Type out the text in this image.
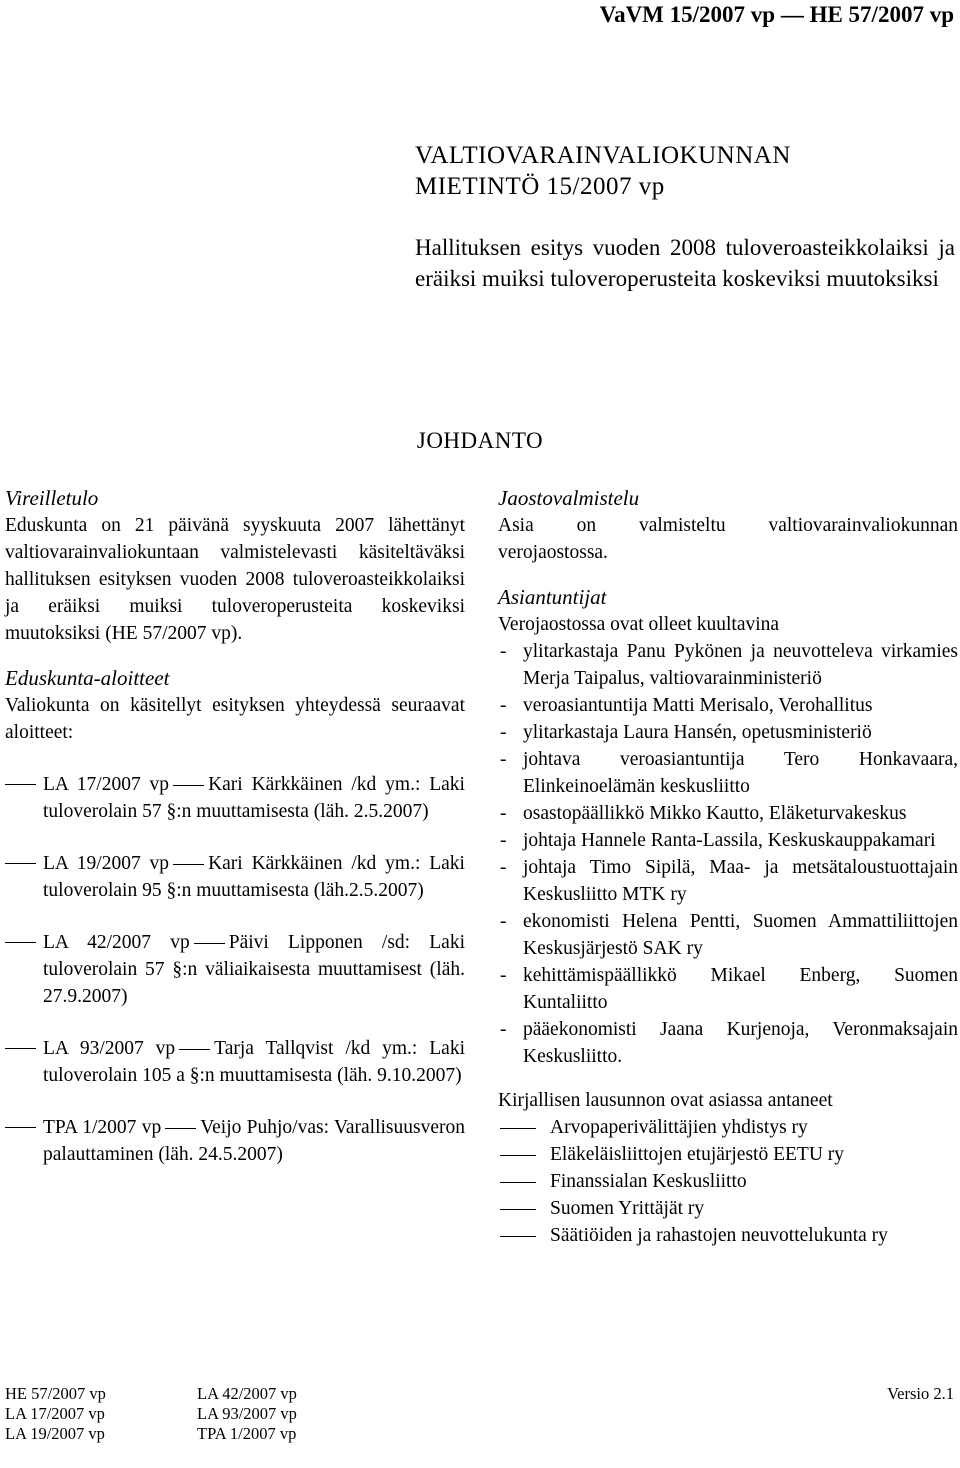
VaVM 15/2007 vp — HE 57/2007 vp
VALTIOVARAINVALIOKUNNAN
MIETINTÖ 15/2007 vp
Hallituksen esitys vuoden 2008 tuloveroasteikkolaiksi ja eräiksi muiksi tuloveroperusteita koskeviksi muutoksiksi
JOHDANTO
Vireilletulo
Eduskunta on 21 päivänä syyskuuta 2007 lähettänyt valtiovarainvaliokuntaan valmistelevasti käsiteltäväksi hallituksen esityksen vuoden 2008 tuloveroasteikkolaiksi ja eräiksi muiksi tuloveroperusteita koskeviksi muutoksiksi (HE 57/2007 vp).
Eduskunta-aloitteet
Valiokunta on käsitellyt esityksen yhteydessä seuraavat aloitteet:
LA 17/2007 vp Kari Kärkkäinen /kd ym.: Laki tuloverolain 57 §:n muuttamisesta (läh. 2.5.2007)
LA 19/2007 vp Kari Kärkkäinen /kd ym.: Laki tuloverolain 95 §:n muuttamisesta (läh.2.5.2007)
LA 42/2007 vp Päivi Lipponen /sd: Laki tuloverolain 57 §:n väliaikaisesta muuttamisest (läh. 27.9.2007)
LA 93/2007 vp Tarja Tallqvist /kd ym.: Laki tuloverolain 105 a §:n muuttamisesta (läh. 9.10.2007)
TPA 1/2007 vp Veijo Puhjo/vas: Varallisuusveron palauttaminen (läh. 24.5.2007)
Jaostovalmistelu
Asia on valmisteltu valtiovarainvaliokunnan verojaostossa.
Asiantuntijat
Verojaostossa ovat olleet kuultavina
- ylitarkastaja Panu Pykönen ja neuvotteleva virkamies Merja Taipalus, valtiovarainministeriö
- veroasiantuntija Matti Merisalo, Verohallitus
- ylitarkastaja Laura Hansén, opetusministeriö
- johtava veroasiantuntija Tero Honkavaara, Elinkeinoelämän keskusliitto
- osastopäällikkö Mikko Kautto, Eläketurvakeskus
- johtaja Hannele Ranta-Lassila, Keskuskauppakamari
- johtaja Timo Sipilä, Maa- ja metsätaloustuottajain Keskusliitto MTK ry
- ekonomisti Helena Pentti, Suomen Ammattiliittojen Keskusjärjestö SAK ry
- kehittämispäällikkö Mikael Enberg, Suomen Kuntaliitto
- pääekonomisti Jaana Kurjenoja, Veronmaksajain Keskusliitto.
Kirjallisen lausunnon ovat asiassa antaneet
Arvopaperivälittäjien yhdistys ry
Eläkeläisliittojen etujärjestö EETU ry
Finanssialan Keskusliitto
Suomen Yrittäjät ry
Säätiöiden ja rahastojen neuvottelukunta ry
HE 57/2007 vp
LA 17/2007 vp
LA 19/2007 vp
LA 42/2007 vp
LA 93/2007 vp
TPA 1/2007 vp
Versio 2.1
